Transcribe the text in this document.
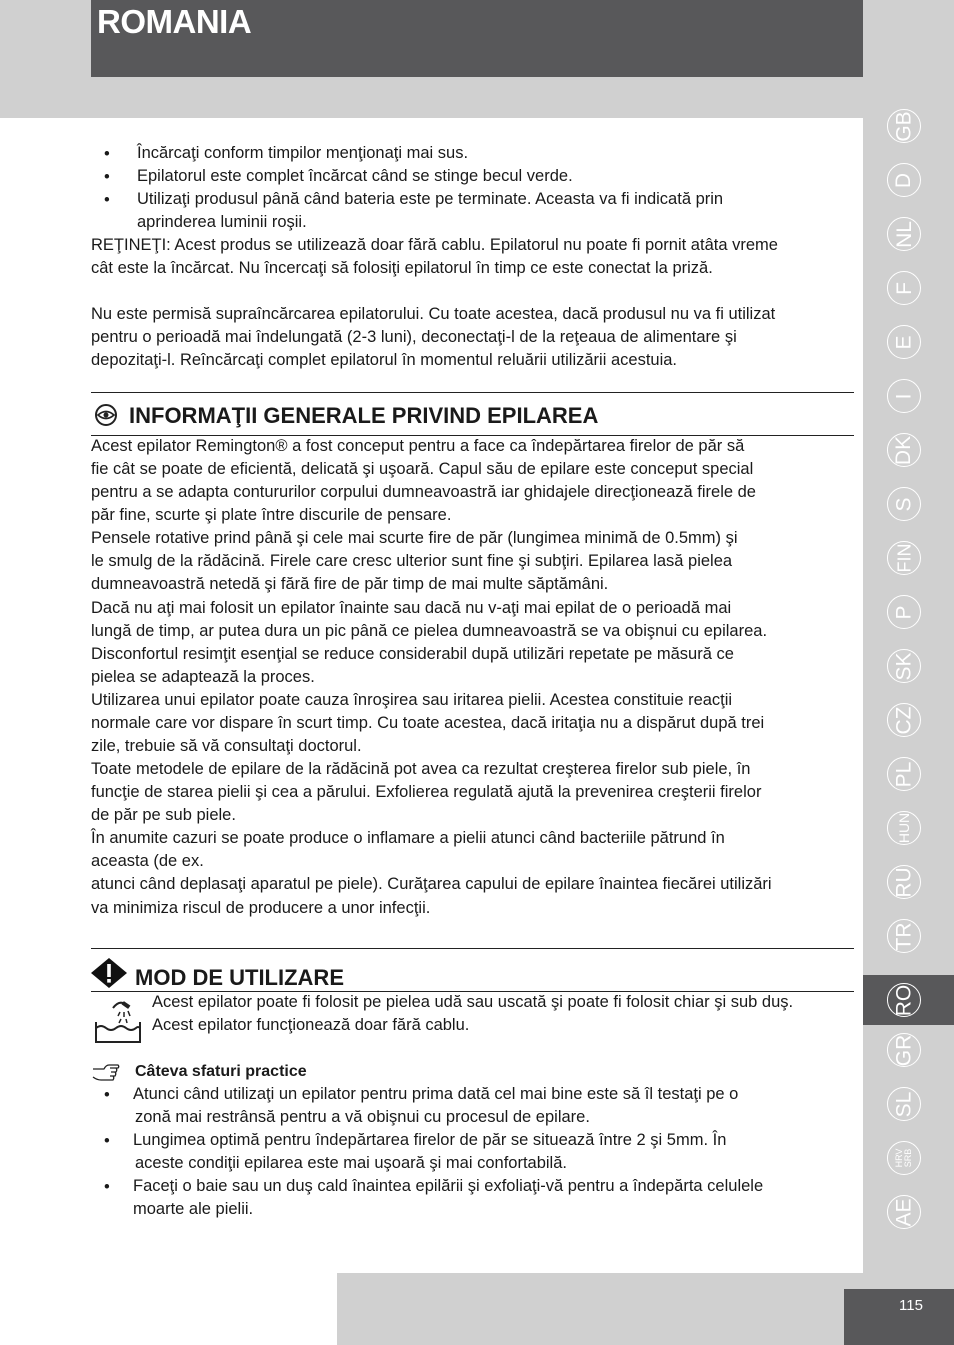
ROMANIA
• Încărcaţi conform timpilor menţionaţi mai sus.

• Epilatorul este complet încărcat când se stinge becul verde.

• Utilizaţi produsul până când bateria este pe terminate. Aceasta va fi indicată prin

aprinderea luminii roşii.

REŢINEŢI: Acest produs se utilizează doar fără cablu. Epilatorul nu poate fi pornit atâta vreme

cât este la încărcat. Nu încercaţi să folosiţi epilatorul în timp ce este conectat la priză.

Nu este permisă supraîncărcarea epilatorului. Cu toate acestea, dacă produsul nu va fi utilizat

pentru o perioadă mai îndelungată (2-3 luni), deconectaţi-l de la reţeaua de alimentare şi

depozitaţi-l. Reîncărcaţi complet epilatorul în momentul reluării utilizării acestuia.

INFORMAŢII GENERALE PRIVIND EPILAREA

Acest epilator Remington® a fost conceput pentru a face ca îndepărtarea firelor de păr să

fie cât se poate de eficientă, delicată şi uşoară. Capul său de epilare este conceput special

pentru a se adapta contururilor corpului dumneavoastră iar ghidajele direcţionează firele de

păr fine, scurte şi plate între discurile de pensare.

Pensele rotative prind până şi cele mai scurte fire de păr (lungimea minimă de 0.5mm) şi

le smulg de la rădăcină. Firele care cresc ulterior sunt fine şi subţiri. Epilarea lasă pielea

dumneavoastră netedă şi fără fire de păr timp de mai multe săptămâni.

Dacă nu aţi mai folosit un epilator înainte sau dacă nu v-aţi mai epilat de o perioadă mai

lungă de timp, ar putea dura un pic până ce pielea dumneavoastră se va obişnui cu epilarea.

Disconfortul resimţit esenţial se reduce considerabil după utilizări repetate pe măsură ce

pielea se adaptează la proces.

Utilizarea unui epilator poate cauza înroşirea sau iritarea pielii. Acestea constituie reacţii

normale care vor dispare în scurt timp. Cu toate acestea, dacă iritaţia nu a dispărut după trei

zile, trebuie să vă consultaţi doctorul.

Toate metodele de epilare de la rădăcină pot avea ca rezultat creşterea firelor sub piele, în

funcţie de starea pielii şi cea a părului. Exfolierea regulată ajută la prevenirea creşterii firelor

de păr pe sub piele.

În anumite cazuri se poate produce o inflamare a pielii atunci când bacteriile pătrund în

aceasta (de ex.

atunci când deplasaţi aparatul pe piele). Curăţarea capului de epilare înaintea fiecărei utilizări

va minimiza riscul de producere a unor infecţii.

MOD DE UTILIZARE

Acest epilator poate fi folosit pe pielea udă sau uscată şi poate fi folosit chiar şi sub duş.

Acest epilator funcţionează doar fără cablu.

Câteva sfaturi practice

• Atunci când utilizaţi un epilator pentru prima dată cel mai bine este să îl testaţi pe o

zonă mai restrânsă pentru a vă obişnui cu procesul de epilare.

• Lungimea optimă pentru îndepărtarea firelor de păr se situează între 2 şi 5mm. În

aceste condiţii epilarea este mai uşoară şi mai confortabilă.

• Faceţi o baie sau un duş cald înaintea epilării şi exfoliaţi-vă pentru a îndepărta celulele

moarte ale pielii.

GB
D
NL
F
E
I
DK
S
FIN
P
SK
CZ
PL
HUN
RU
TR
RO
GR
SL
HRV SRB
AE
115
